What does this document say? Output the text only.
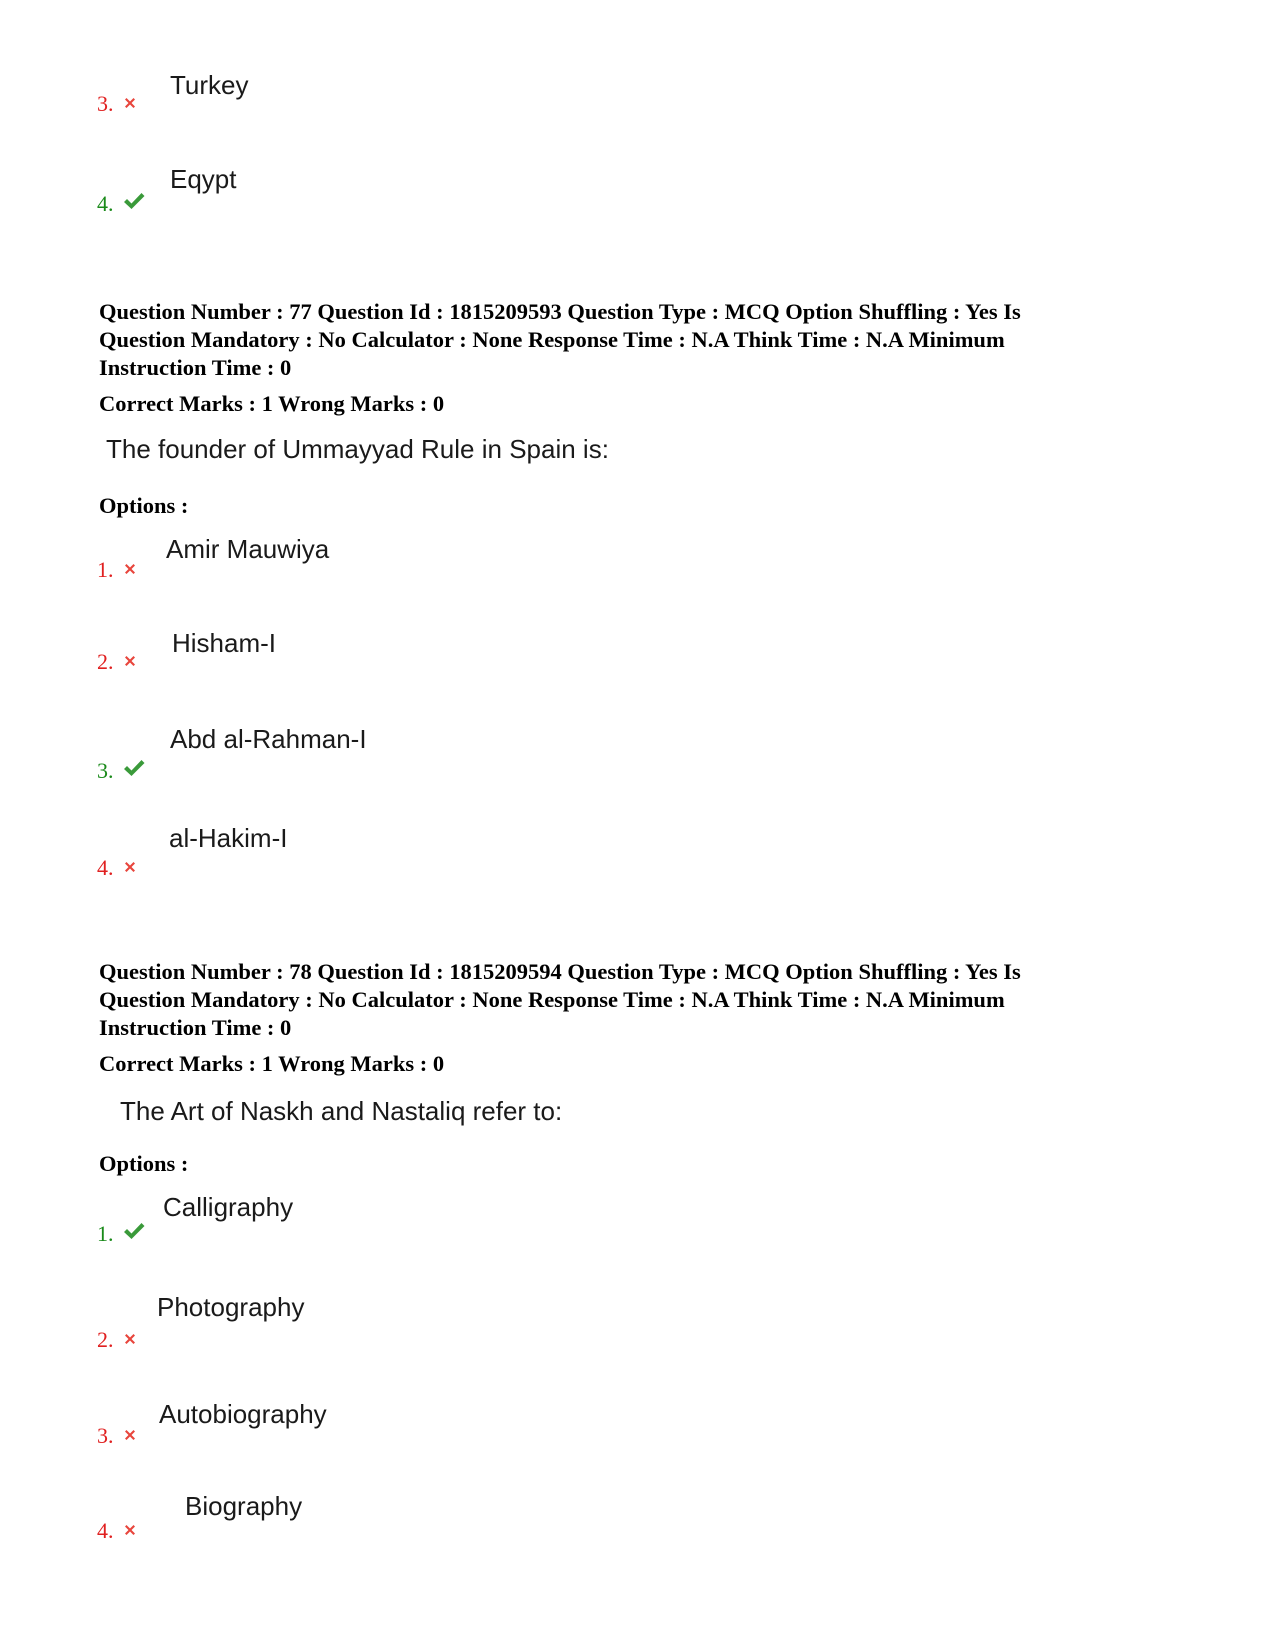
3.
Turkey
4.
Eqypt
Question Number : 77 Question Id : 1815209593 Question Type : MCQ Option Shuffling : Yes Is
Question Mandatory : No Calculator : None Response Time : N.A Think Time : N.A Minimum
Instruction Time : 0
Correct Marks : 1 Wrong Marks : 0
The founder of Ummayyad Rule in Spain is:
Options :
1.
Amir Mauwiya
2.
Hisham-I
3.
Abd al-Rahman-I
4.
al-Hakim-I
Question Number : 78 Question Id : 1815209594 Question Type : MCQ Option Shuffling : Yes Is
Question Mandatory : No Calculator : None Response Time : N.A Think Time : N.A Minimum
Instruction Time : 0
Correct Marks : 1 Wrong Marks : 0
The Art of Naskh and Nastaliq refer to:
Options :
1.
Calligraphy
2.
Photography
3.
Autobiography
4.
Biography
